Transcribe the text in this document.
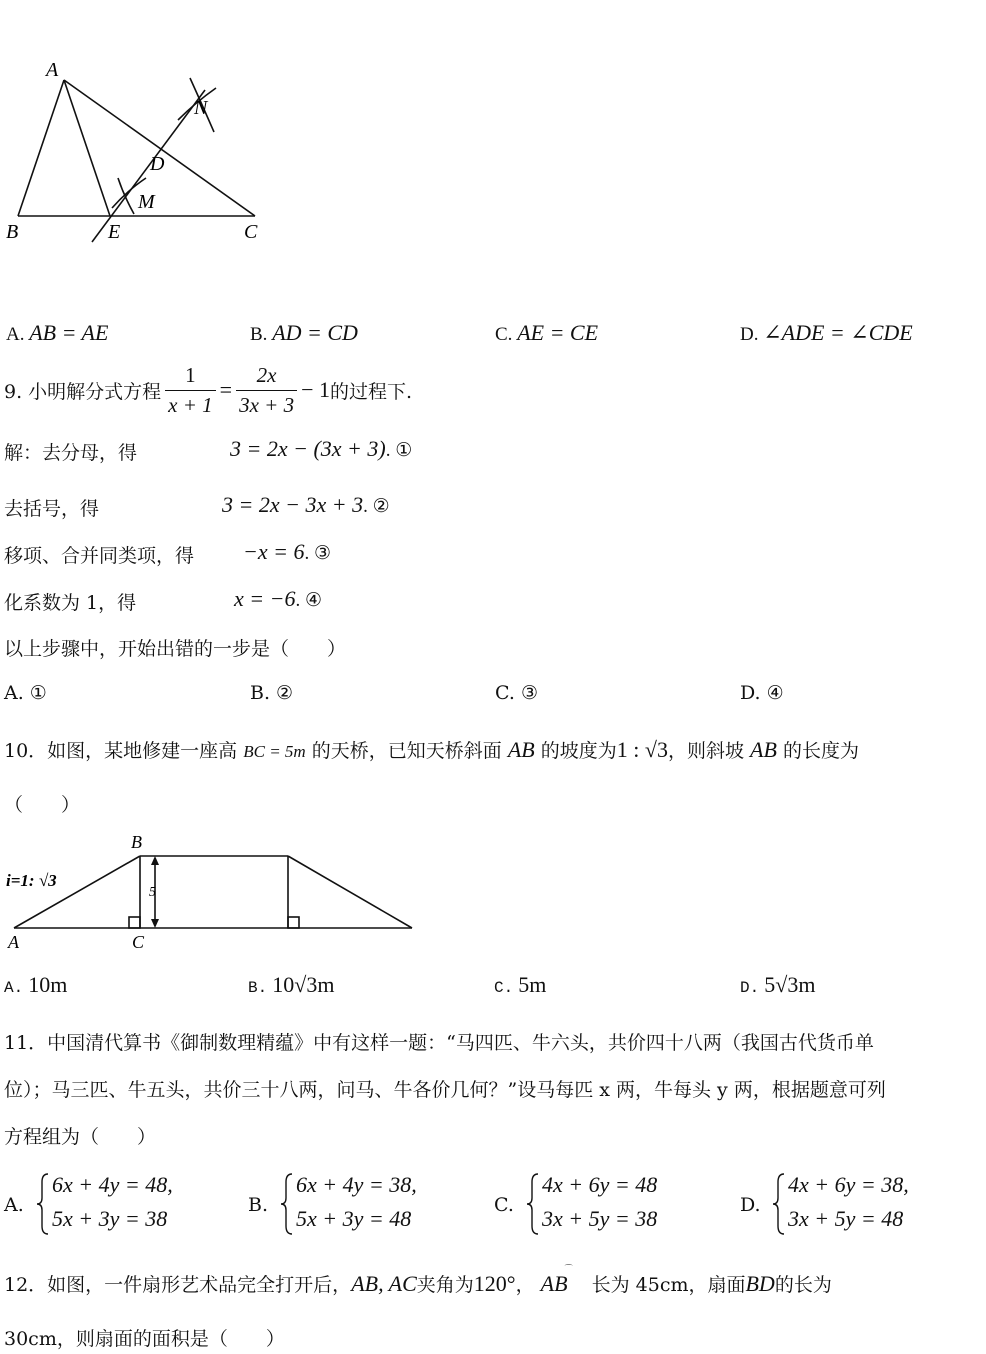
A
B	E	C
D
M
N
A. AB = AE	B. AD = CD	C. AE = CE	D. ∠ADE = ∠CDE
9. 小明解分式方程 $\frac{1}{x + 1} = \frac{2x}{3x + 3} - 1$ 的过程下.
解：去分母，得	3 = 2x − (3x + 3). ①
去括号，得	3 = 2x − 3x + 3. ②
移项、合并同类项，得 −x = 6. ③
化系数为 1，得	x = −6. ④
以上步骤中，开始出错的一步是（　　）
A. ①	B. ②	C. ③	D. ④
10．如图，某地修建一座高 BC = 5m 的天桥，已知天桥斜面 AB 的坡度为1 : √3，则斜坡 AB 的长度为
（　　）
5
B
A	C
i=1: √3
A. 10m	B. 10√3m	C. 5m	D. 5√3m
11．中国清代算书《御制数理精蕴》中有这样一题：“马四匹、牛六头，共价四十八两（我国古代货币单
位）；马三匹、牛五头，共价三十八两，问马、牛各价几何？”设马每匹 x 两，牛每头 y 两，根据题意可列
方程组为（　　）
A.
6x + 4y = 48,
5x + 3y = 38
B.
6x + 4y = 38,
5x + 3y = 48
C.
4x + 6y = 48
3x + 5y = 38
D.
4x + 6y = 38,
3x + 5y = 48
12．如图，一件扇形艺术品完全打开后，AB, AC夹角为120°， AB
⌒
长为 45cm，扇面BD的长为
30cm，则扇面的面积是（　　）
